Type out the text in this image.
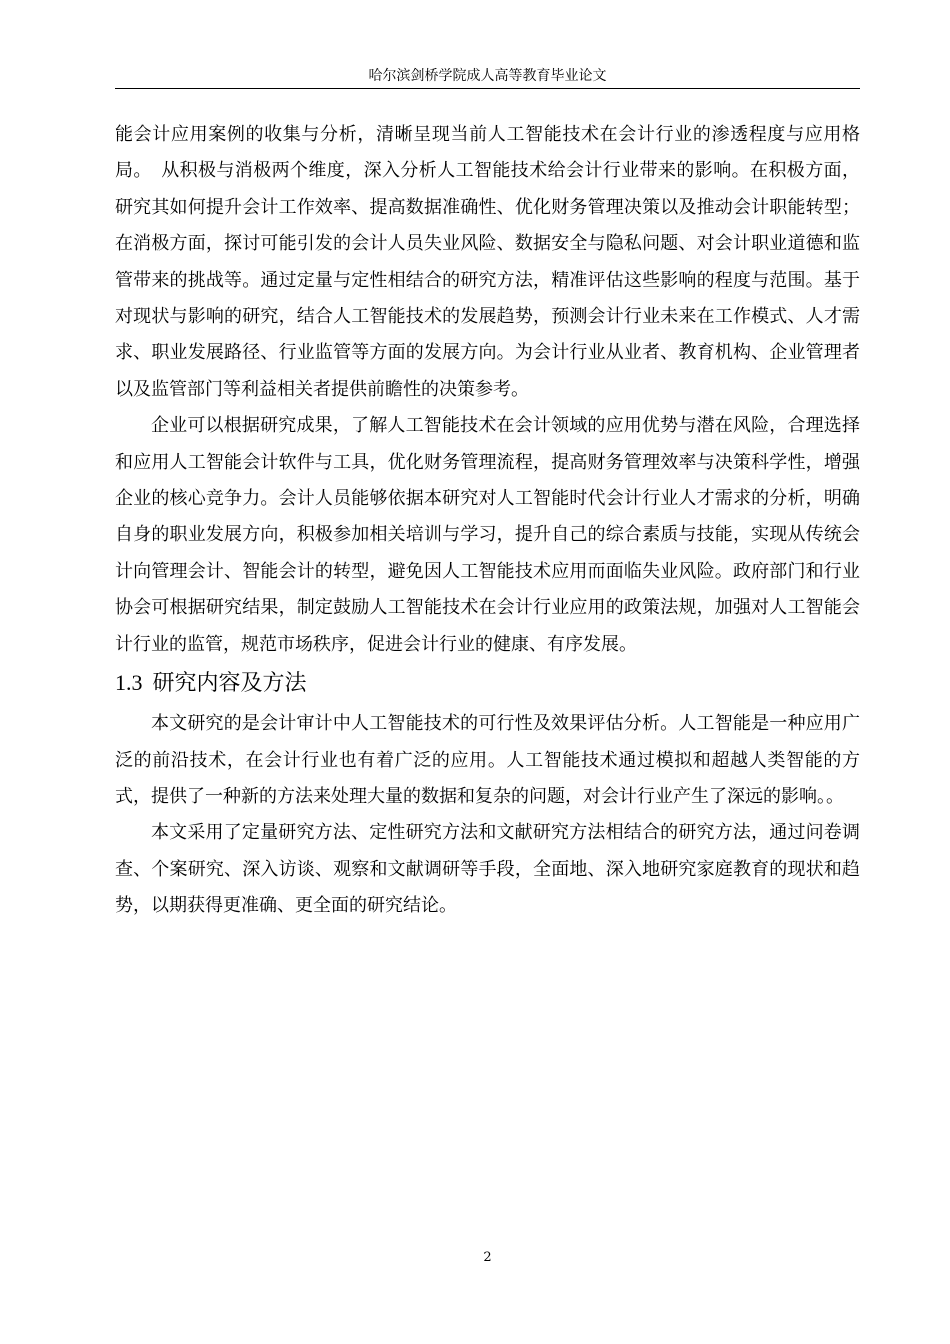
哈尔滨剑桥学院成人高等教育毕业论文

能会计应用案例的收集与分析，清晰呈现当前人工智能技术在会计行业的渗透程度与应用格局。　从积极与消极两个维度，深入分析人工智能技术给会计行业带来的影响。在积极方面，研究其如何提升会计工作效率、提高数据准确性、优化财务管理决策以及推动会计职能转型；在消极方面，探讨可能引发的会计人员失业风险、数据安全与隐私问题、对会计职业道德和监管带来的挑战等。通过定量与定性相结合的研究方法，精准评估这些影响的程度与范围。基于对现状与影响的研究，结合人工智能技术的发展趋势，预测会计行业未来在工作模式、人才需求、职业发展路径、行业监管等方面的发展方向。为会计行业从业者、教育机构、企业管理者以及监管部门等利益相关者提供前瞻性的决策参考。

企业可以根据研究成果，了解人工智能技术在会计领域的应用优势与潜在风险，合理选择和应用人工智能会计软件与工具，优化财务管理流程，提高财务管理效率与决策科学性，增强企业的核心竞争力。会计人员能够依据本研究对人工智能时代会计行业人才需求的分析，明确自身的职业发展方向，积极参加相关培训与学习，提升自己的综合素质与技能，实现从传统会计向管理会计、智能会计的转型，避免因人工智能技术应用而面临失业风险。政府部门和行业协会可根据研究结果，制定鼓励人工智能技术在会计行业应用的政策法规，加强对人工智能会计行业的监管，规范市场秩序，促进会计行业的健康、有序发展。

1.3 研究内容及方法

本文研究的是会计审计中人工智能技术的可行性及效果评估分析。人工智能是一种应用广泛的前沿技术，在会计行业也有着广泛的应用。人工智能技术通过模拟和超越人类智能的方式，提供了一种新的方法来处理大量的数据和复杂的问题，对会计行业产生了深远的影响。。

本文采用了定量研究方法、定性研究方法和文献研究方法相结合的研究方法，通过问卷调查、个案研究、深入访谈、观察和文献调研等手段，全面地、深入地研究家庭教育的现状和趋势，以期获得更准确、更全面的研究结论。

2
